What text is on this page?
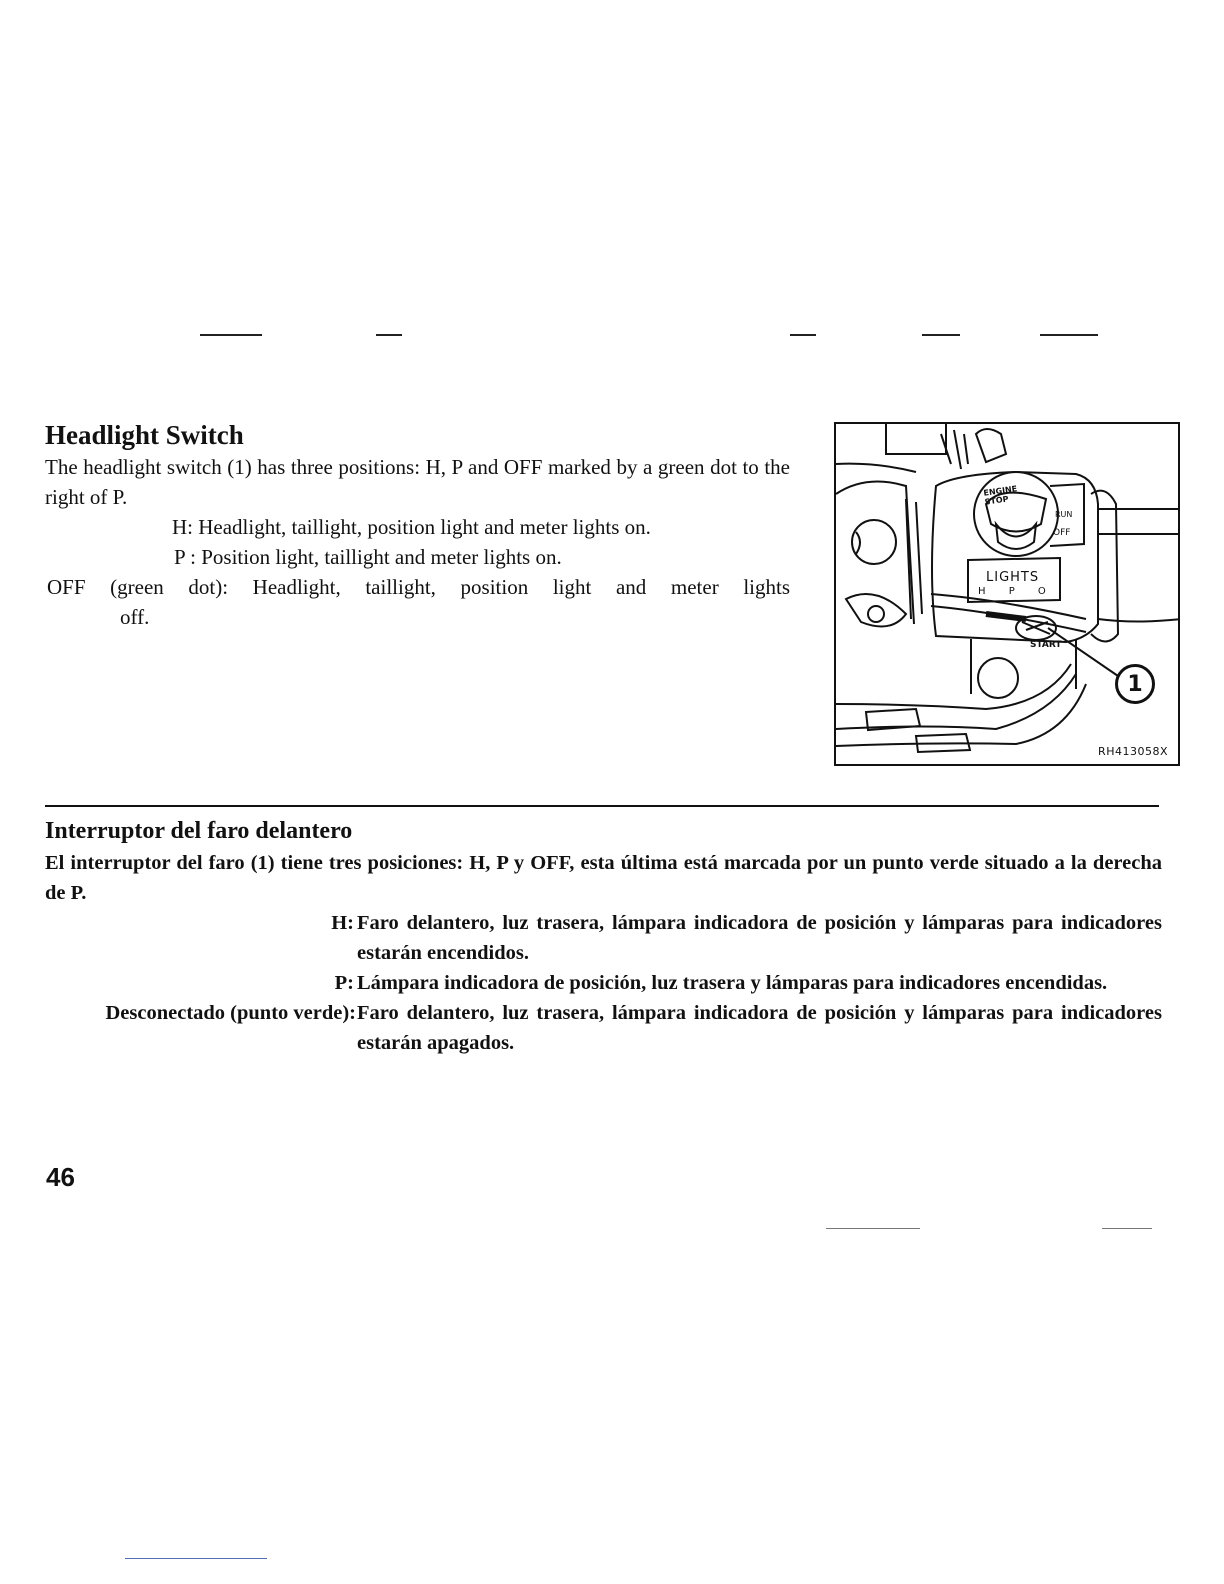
Headlight Switch
The headlight switch (1) has three positions: H, P and OFF marked by a green dot to the right of P.
H: Headlight, taillight, position light and meter lights on.
P : Position light, taillight and meter lights on.
OFF (green dot): Headlight, taillight, position light and meter lights
off.
ENGINE STOP
RUN
OFF
LIGHTS
H P O
START
1
RH413058X
Interruptor del faro delantero
El interruptor del faro (1) tiene tres posiciones: H, P y OFF, esta última está marcada por un punto verde situado a la derecha de P.
H: Faro delantero, luz trasera, lámpara indicadora de posición y lámparas para indicadores estarán encendidos.
P: Lámpara indicadora de posición, luz trasera y lámparas para indicadores encendidas.
Desconectado (punto verde): Faro delantero, luz trasera, lámpara indicadora de posición y lámparas para indicadores estarán apagados.
46
